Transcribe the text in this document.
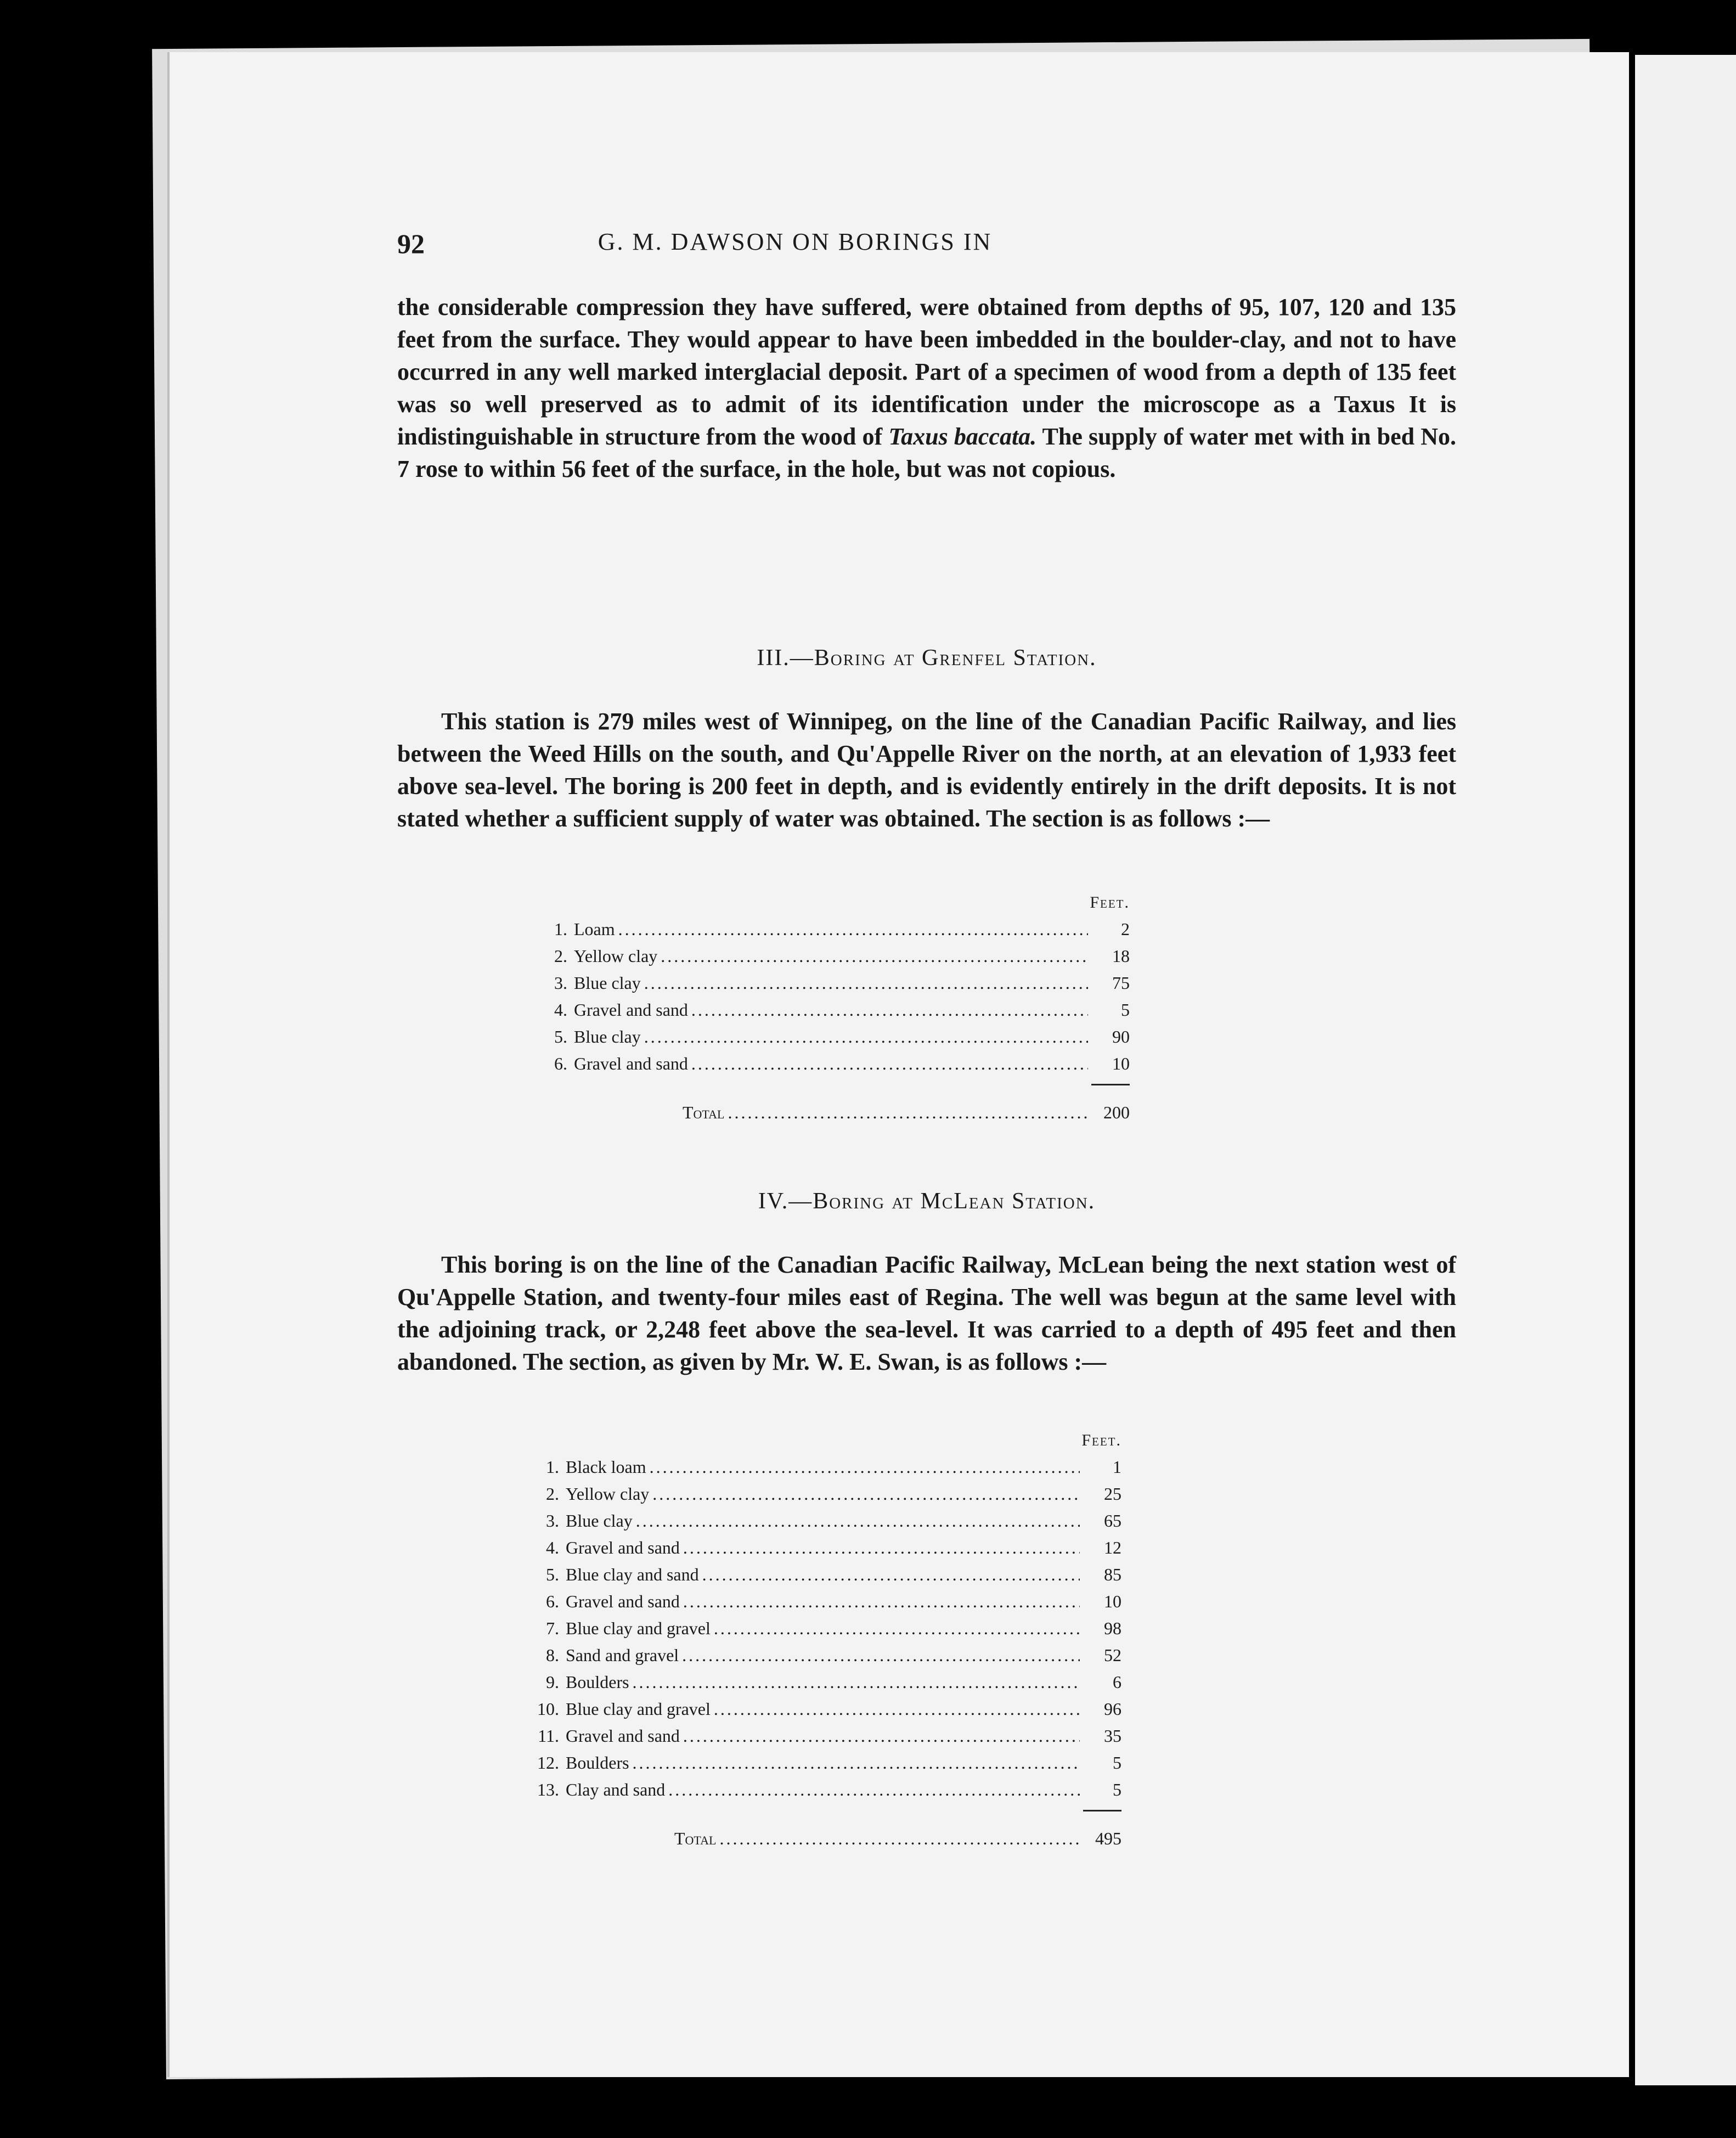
92	G. M. DAWSON ON BORINGS IN

the considerable compression they have suffered, were obtained from depths of 95, 107, 120 and 135 feet from the surface. They would appear to have been imbedded in the boulder-clay, and not to have occurred in any well marked interglacial deposit. Part of a specimen of wood from a depth of 135 feet was so well preserved as to admit of its identification under the microscope as a Taxus It is indistinguishable in structure from the wood of Taxus baccata. The supply of water met with in bed No. 7 rose to within 56 feet of the surface, in the hole, but was not copious.

III.—Boring at Grenfel Station.

This station is 279 miles west of Winnipeg, on the line of the Canadian Pacific Railway, and lies between the Weed Hills on the south, and Qu'Appelle River on the north, at an elevation of 1,933 feet above sea-level. The boring is 200 feet in depth, and is evidently entirely in the drift deposits. It is not stated whether a sufficient supply of water was obtained. The section is as follows :—

Feet.
1. Loam .....	2
2. Yellow clay .....	18
3. Blue clay .....	75
4. Gravel and sand .....	5
5. Blue clay .....	90
6. Gravel and sand .....	10
Total .....	200
IV.—Boring at McLean Station.

This boring is on the line of the Canadian Pacific Railway, McLean being the next station west of Qu'Appelle Station, and twenty-four miles east of Regina. The well was begun at the same level with the adjoining track, or 2,248 feet above the sea-level. It was carried to a depth of 495 feet and then abandoned. The section, as given by Mr. W. E. Swan, is as follows :—

Feet.
1. Black loam .....	1
2. Yellow clay .....	25
3. Blue clay .....	65
4. Gravel and sand .....	12
5. Blue clay and sand .....	85
6. Gravel and sand .....	10
7. Blue clay and gravel .....	98
8. Sand and gravel .....	52
9. Boulders .....	6
10. Blue clay and gravel .....	96
11. Gravel and sand .....	35
12. Boulders .....	5
13. Clay and sand .....	5
Total .....	495
